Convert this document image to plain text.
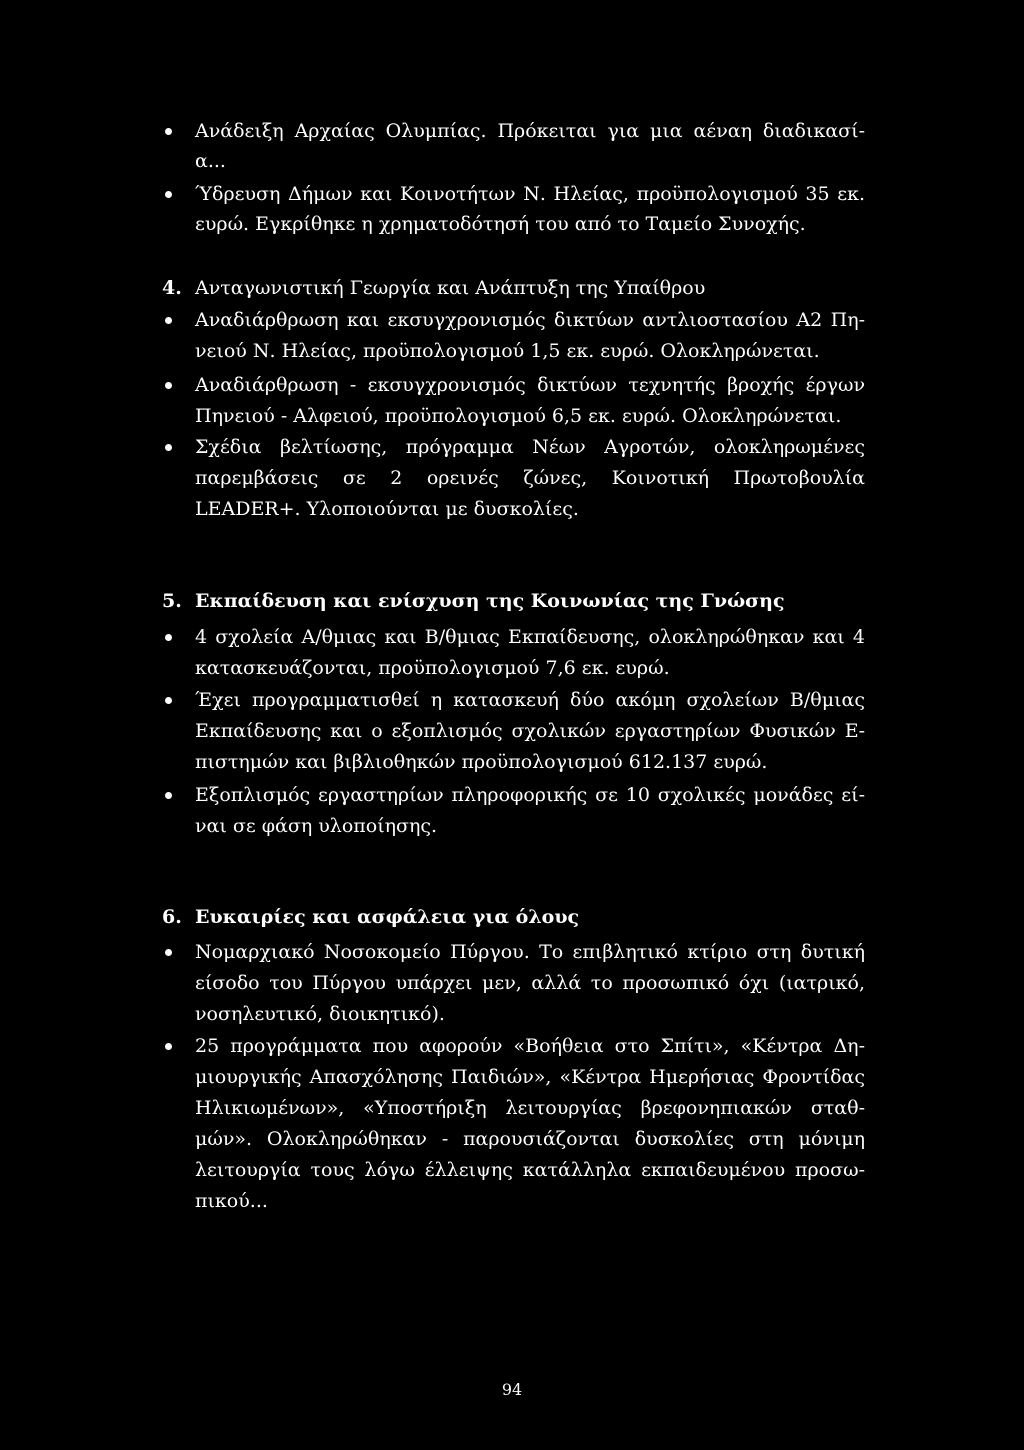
Ανάδειξη Αρχαίας Ολυμπίας. Πρόκειται για μια αέναη διαδικασί-
α...
Ύδρευση Δήμων και Κοινοτήτων Ν. Ηλείας, προϋπολογισμού 35 εκ.
ευρώ. Εγκρίθηκε η χρηματοδότησή του από το Ταμείο Συνοχής.
4. Ανταγωνιστική Γεωργία και Ανάπτυξη της Υπαίθρου
Αναδιάρθρωση και εκσυγχρονισμός δικτύων αντλιοστασίου Α2 Πη-
νειού Ν. Ηλείας, προϋπολογισμού 1,5 εκ. ευρώ. Ολοκληρώνεται.
Αναδιάρθρωση - εκσυγχρονισμός δικτύων τεχνητής βροχής έργων
Πηνειού - Αλφειού, προϋπολογισμού 6,5 εκ. ευρώ. Ολοκληρώνεται.
Σχέδια βελτίωσης, πρόγραμμα Νέων Αγροτών, ολοκληρωμένες
παρεμβάσεις σε 2 ορεινές ζώνες, Κοινοτική Πρωτοβουλία
LEADER+. Υλοποιούνται με δυσκολίες.
5. Εκπαίδευση και ενίσχυση της Κοινωνίας της Γνώσης
4 σχολεία Α/θμιας και Β/θμιας Εκπαίδευσης, ολοκληρώθηκαν και 4
κατασκευάζονται, προϋπολογισμού 7,6 εκ. ευρώ.
Έχει προγραμματισθεί η κατασκευή δύο ακόμη σχολείων Β/θμιας
Εκπαίδευσης και ο εξοπλισμός σχολικών εργαστηρίων Φυσικών Ε-
πιστημών και βιβλιοθηκών προϋπολογισμού 612.137 ευρώ.
Εξοπλισμός εργαστηρίων πληροφορικής σε 10 σχολικές μονάδες εί-
ναι σε φάση υλοποίησης.
6. Ευκαιρίες και ασφάλεια για όλους
Νομαρχιακό Νοσοκομείο Πύργου. Το επιβλητικό κτίριο στη δυτική
είσοδο του Πύργου υπάρχει μεν, αλλά το προσωπικό όχι (ιατρικό,
νοσηλευτικό, διοικητικό).
25 προγράμματα που αφορούν «Βοήθεια στο Σπίτι», «Κέντρα Δη-
μιουργικής Απασχόλησης Παιδιών», «Κέντρα Ημερήσιας Φροντίδας
Ηλικιωμένων», «Υποστήριξη λειτουργίας βρεφονηπιακών σταθ-
μών». Ολοκληρώθηκαν - παρουσιάζονται δυσκολίες στη μόνιμη
λειτουργία τους λόγω έλλειψης κατάλληλα εκπαιδευμένου προσω-
πικού...
94
